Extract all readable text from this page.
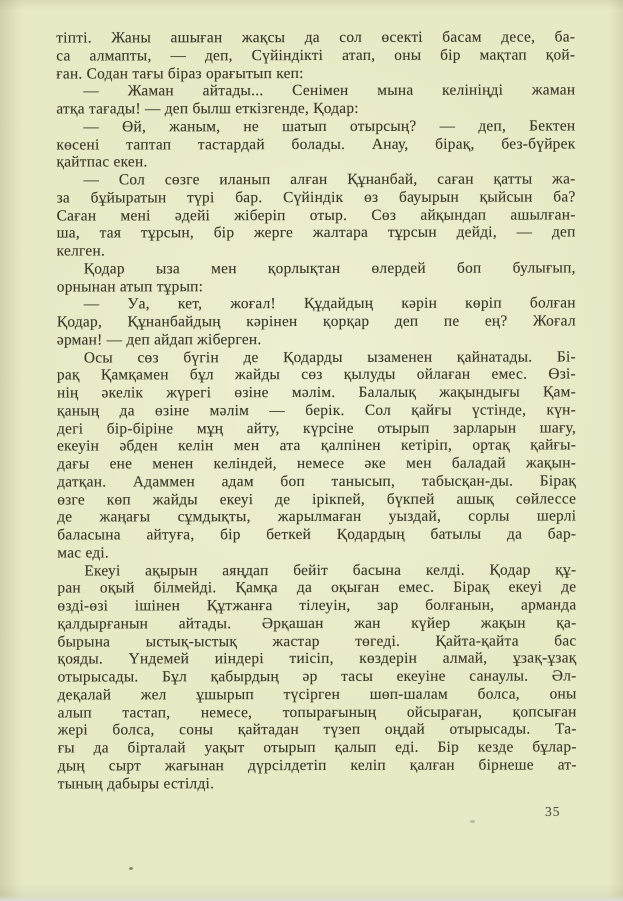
тіпті. Жаны ашыған жақсы да сол өсекті басам десе, ба-
са алмапты, — деп, Сүйіндікті атап, оны бір мақтап қой-
ған. Содан тағы біраз орағытып кеп:
— Жаман айтады... Сенімен мына келініңді жаман
атқа тағады! — деп былш еткізгенде, Қодар:
— Өй, жаным, не шатып отырсың? — деп, Бектен
көсені таптап тастардай болады. Анау, бірақ, без-бүйрек
қайтпас екен.
— Сол сөзге иланып алған Құнанбай, саған қатты жа-
за бұйыратын түрі бар. Сүйіндік өз бауырын қыйсын ба?
Саған мені әдейі жіберіп отыр. Сөз айқындап ашылған-
ша, тая тұрсын, бір жерге жалтара тұрсын дейді, — деп
келген.
Қодар ыза мен қорлықтан өлердей боп булығып,
орнынан атып тұрып:
— Уа, кет, жоғал! Құдайдың кәрін көріп болған
Қодар, Құнанбайдың кәрінен қорқар деп пе ең? Жоғал
әрман! — деп айдап жіберген.
Осы сөз бүгін де Қодарды ызаменен қайнатады. Бі-
рақ Қамқамен бұл жайды сөз қылуды ойлаған емес. Өзі-
нің әкелік жүрегі өзіне мәлім. Балалық жақындығы Қам-
қаның да өзіне мәлім — берік. Сол қайғы үстінде, күн-
дегі бір-біріне мұң айту, күрсіне отырып зарларын шағу,
екеуін әбден келін мен ата қалпінен кетіріп, ортақ қайғы-
дағы ене менен келіндей, немесе әке мен баладай жақын-
датқан. Адаммен адам боп танысып, табысқан-ды. Бірақ
өзге көп жайды екеуі де ірікпей, бүкпей ашық сөйлессе
де жаңағы сұмдықты, жарылмаған уыздай, сорлы шерлі
баласына айтуға, бір беткей Қодардың батылы да бар-
мас еді.
Екеуі ақырын аяңдап бейіт басына келді. Қодар құ-
ран оқый білмейді. Қамқа да оқыған емес. Бірақ екеуі де
өзді-өзі ішінен Құтжанға тілеуін, зар болғанын, арманда
қалдырғанын айтады. Әрқашан жан күйер жақын қа-
бырына ыстық-ыстық жастар төгеді. Қайта-қайта бас
қояды. Үндемей иіндері тиісіп, көздерін алмай, ұзақ-ұзақ
отырысады. Бұл қабырдың әр тасы екеуіне санаулы. Әл-
деқалай жел ұшырып түсірген шөп-шалам болса, оны
алып тастап, немесе, топырағының ойсыраған, қопсыған
жері болса, соны қайтадан түзеп оңдай отырысады. Та-
ғы да бірталай уақыт отырып қалып еді. Бір кезде бұлар-
дың сырт жағынан дүрсілдетіп келіп қалған бірнеше ат-
тының дабыры естілді.
35
